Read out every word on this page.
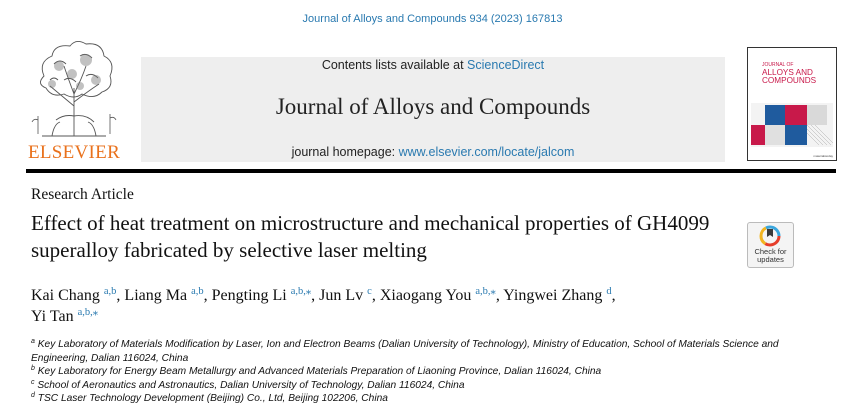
Journal of Alloys and Compounds 934 (2023) 167813
ELSEVIER
Contents lists available at ScienceDirect
Journal of Alloys and Compounds
journal homepage: www.elsevier.com/locate/jalcom
JOURNAL OF
ALLOYS AND
COMPOUNDS
materialstoday
Research Article
Effect of heat treatment on microstructure and mechanical properties of GH4099 superalloy fabricated by selective laser melting	Check for
updates
Kai Chang $^{a,b}$, Liang Ma $^{a,b}$, Pengting Li $^{a,b,⁎}$, Jun Lv $^c$, Xiaogang You $^{a,b,⁎}$, Yingwei Zhang $^d$,
Yi Tan $^{a,b,⁎}$
$^a$ Key Laboratory of Materials Modification by Laser, Ion and Electron Beams (Dalian University of Technology), Ministry of Education, School of Materials Science and Engineering, Dalian 116024, China
$^b$ Key Laboratory for Energy Beam Metallurgy and Advanced Materials Preparation of Liaoning Province, Dalian 116024, China
$^c$ School of Aeronautics and Astronautics, Dalian University of Technology, Dalian 116024, China
$^d$ TSC Laser Technology Development (Beijing) Co., Ltd, Beijing 102206, China
